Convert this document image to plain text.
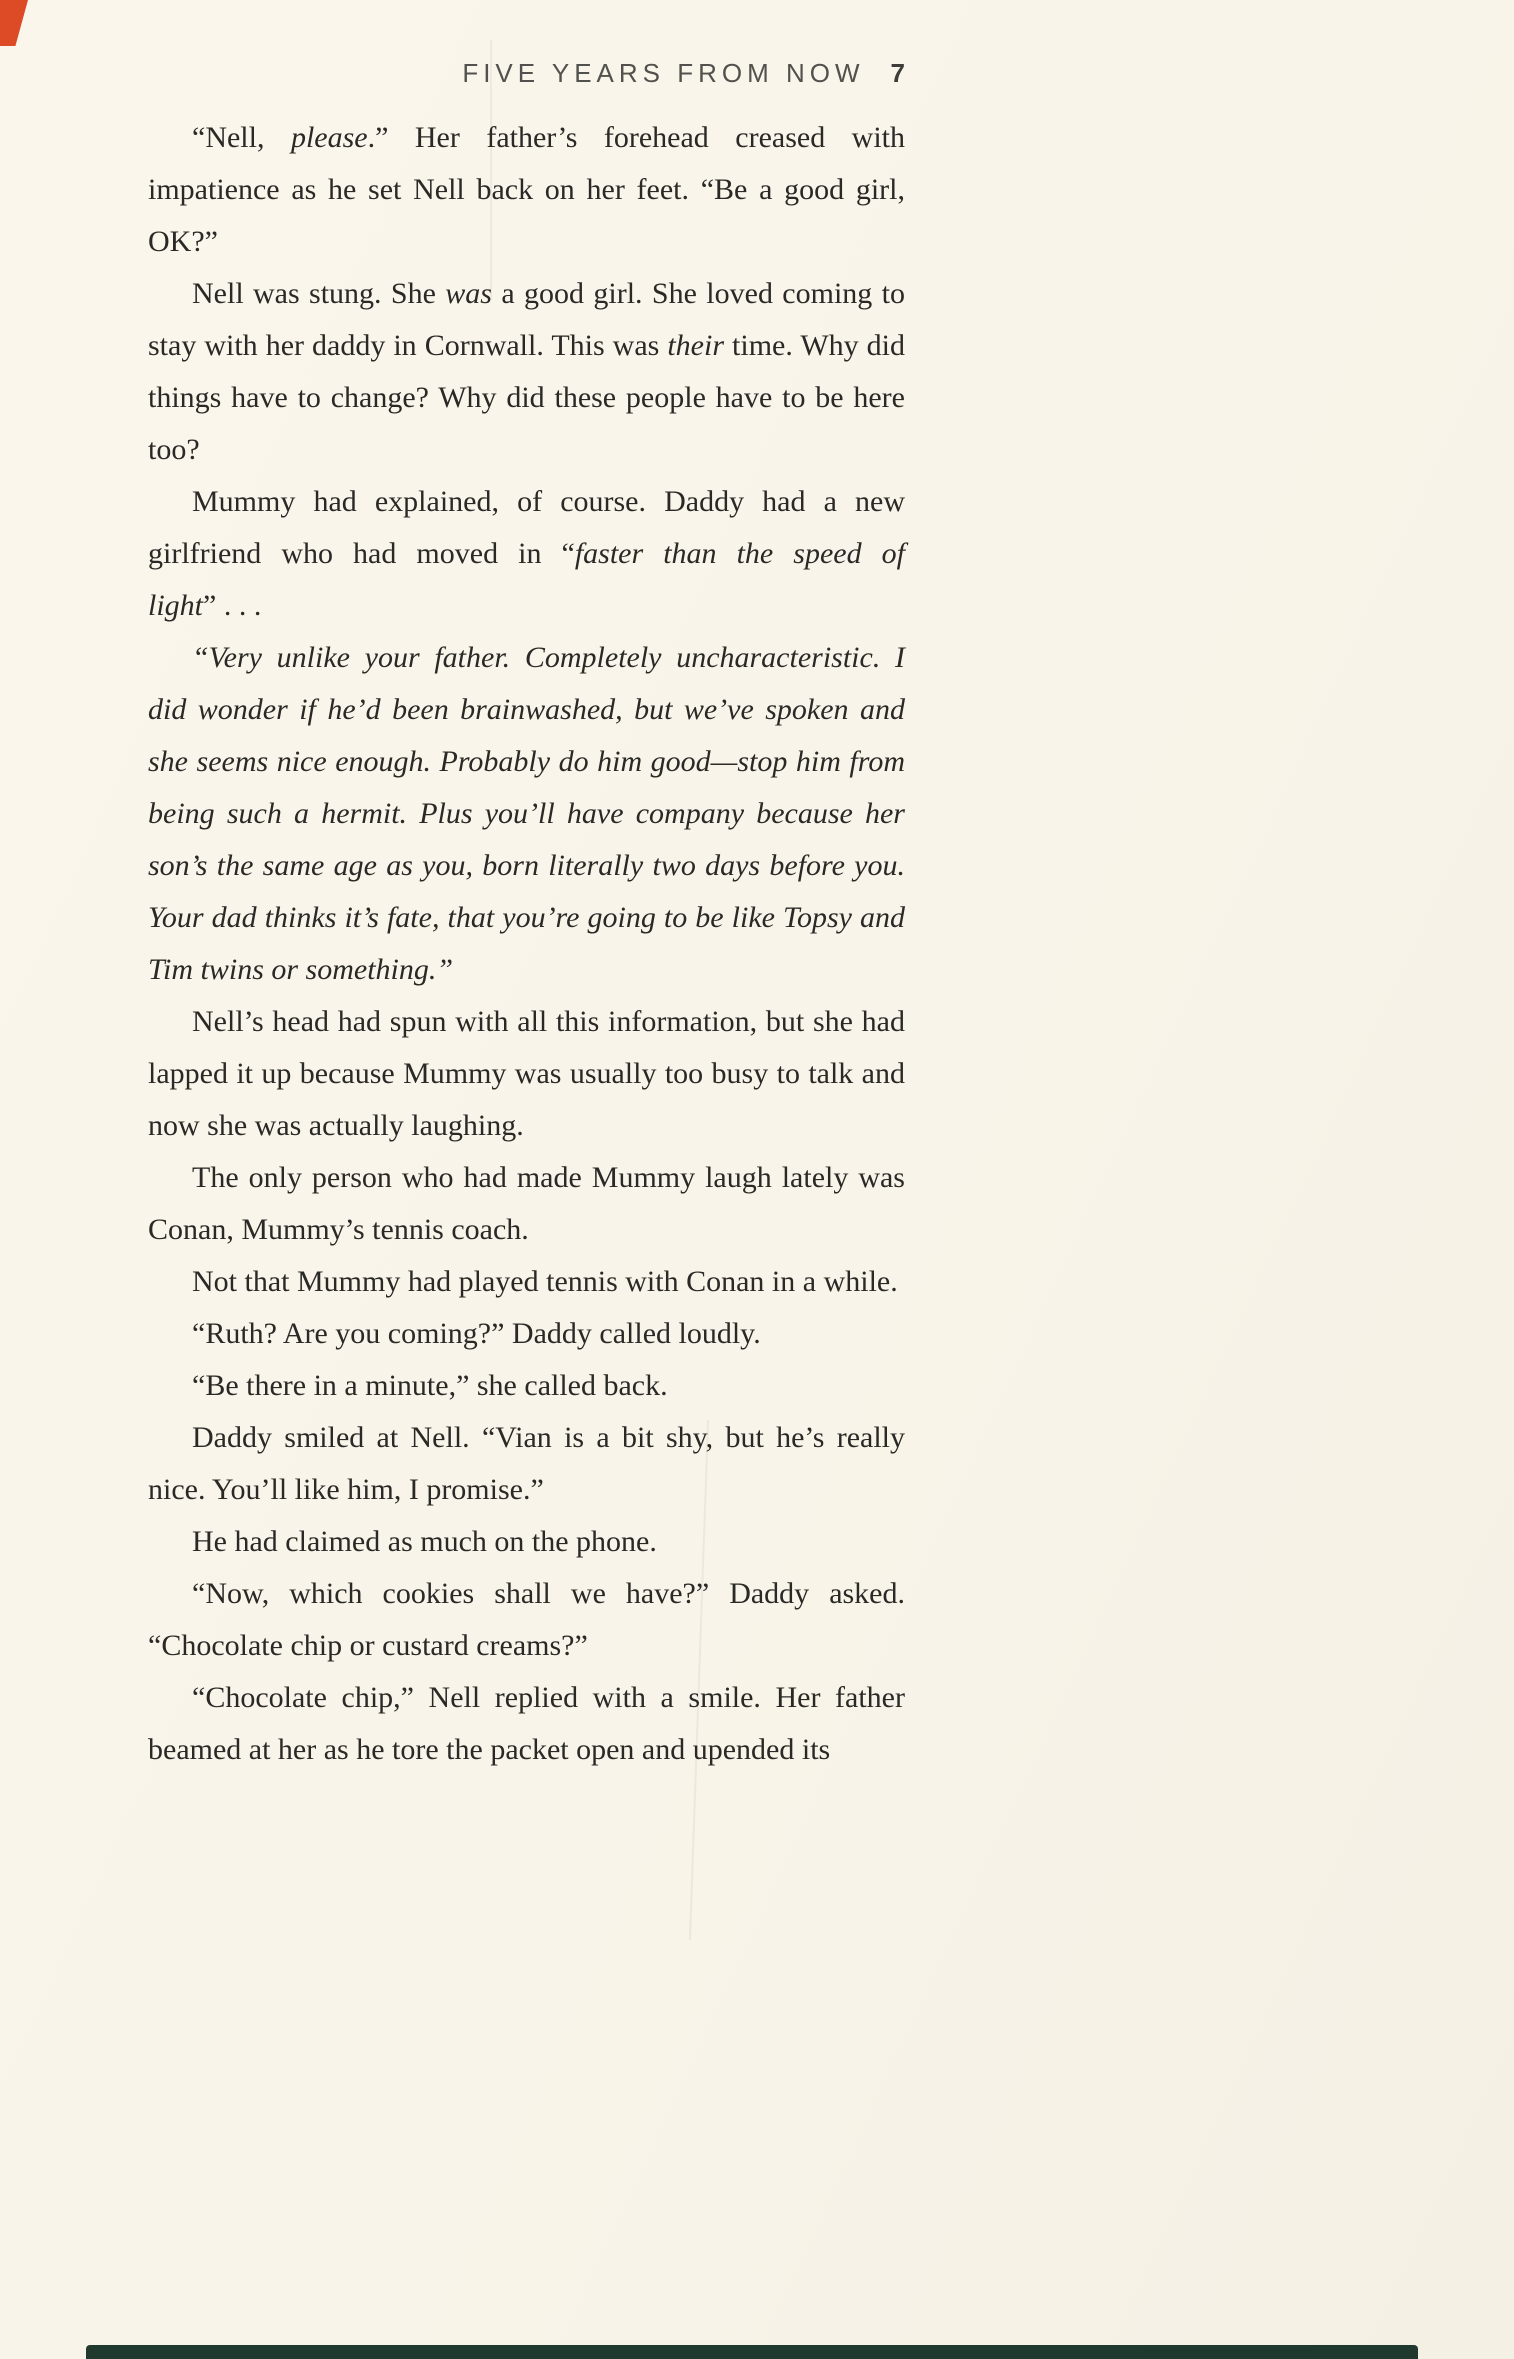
FIVE YEARS FROM NOW 7

“Nell, please.” Her father’s forehead creased with impatience as he set Nell back on her feet. “Be a good girl, OK?”

Nell was stung. She was a good girl. She loved coming to stay with her daddy in Cornwall. This was their time. Why did things have to change? Why did these people have to be here too?

Mummy had explained, of course. Daddy had a new girlfriend who had moved in “faster than the speed of light” . . .

“Very unlike your father. Completely uncharacteristic. I did wonder if he’d been brainwashed, but we’ve spoken and she seems nice enough. Probably do him good—stop him from being such a hermit. Plus you’ll have company because her son’s the same age as you, born literally two days before you. Your dad thinks it’s fate, that you’re going to be like Topsy and Tim twins or something.”

Nell’s head had spun with all this information, but she had lapped it up because Mummy was usually too busy to talk and now she was actually laughing.

The only person who had made Mummy laugh lately was Conan, Mummy’s tennis coach.

Not that Mummy had played tennis with Conan in a while.

“Ruth? Are you coming?” Daddy called loudly.

“Be there in a minute,” she called back.

Daddy smiled at Nell. “Vian is a bit shy, but he’s really nice. You’ll like him, I promise.”

He had claimed as much on the phone.

“Now, which cookies shall we have?” Daddy asked. “Chocolate chip or custard creams?”

“Chocolate chip,” Nell replied with a smile. Her father beamed at her as he tore the packet open and upended its
